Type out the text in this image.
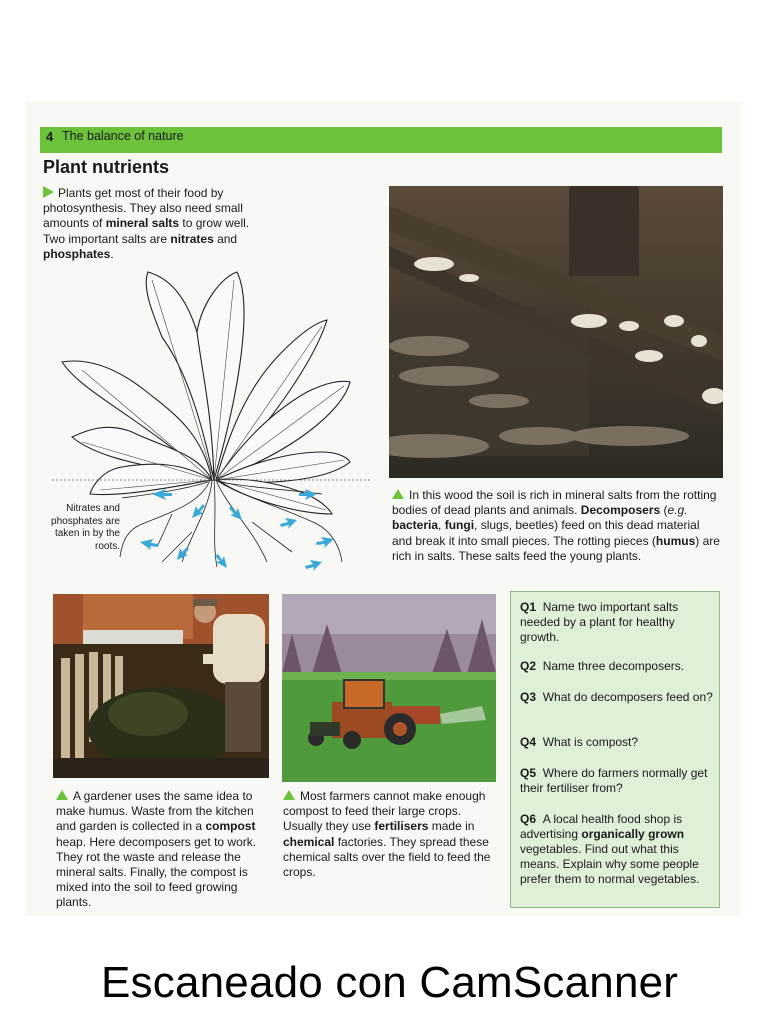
4 The balance of nature
Plant nutrients
Plants get most of their food by photosynthesis. They also need small amounts of mineral salts to grow well. Two important salts are nitrates and phosphates.
Nitrates and phosphates are taken in by the roots.
In this wood the soil is rich in mineral salts from the rotting bodies of dead plants and animals. Decomposers (e.g. bacteria, fungi, slugs, beetles) feed on this dead material and break it into small pieces. The rotting pieces (humus) are rich in salts. These salts feed the young plants.
A gardener uses the same idea to make humus. Waste from the kitchen and garden is collected in a compost heap. Here decomposers get to work. They rot the waste and release the mineral salts. Finally, the compost is mixed into the soil to feed growing plants.
Most farmers cannot make enough compost to feed their large crops. Usually they use fertilisers made in chemical factories. They spread these chemical salts over the field to feed the crops.
Q1 Name two important salts needed by a plant for healthy growth.
Q2 Name three decomposers.
Q3 What do decomposers feed on?
Q4 What is compost?
Q5 Where do farmers normally get their fertiliser from?
Q6 A local health food shop is advertising organically grown vegetables. Find out what this means. Explain why some people prefer them to normal vegetables.
Escaneado con CamScanner
